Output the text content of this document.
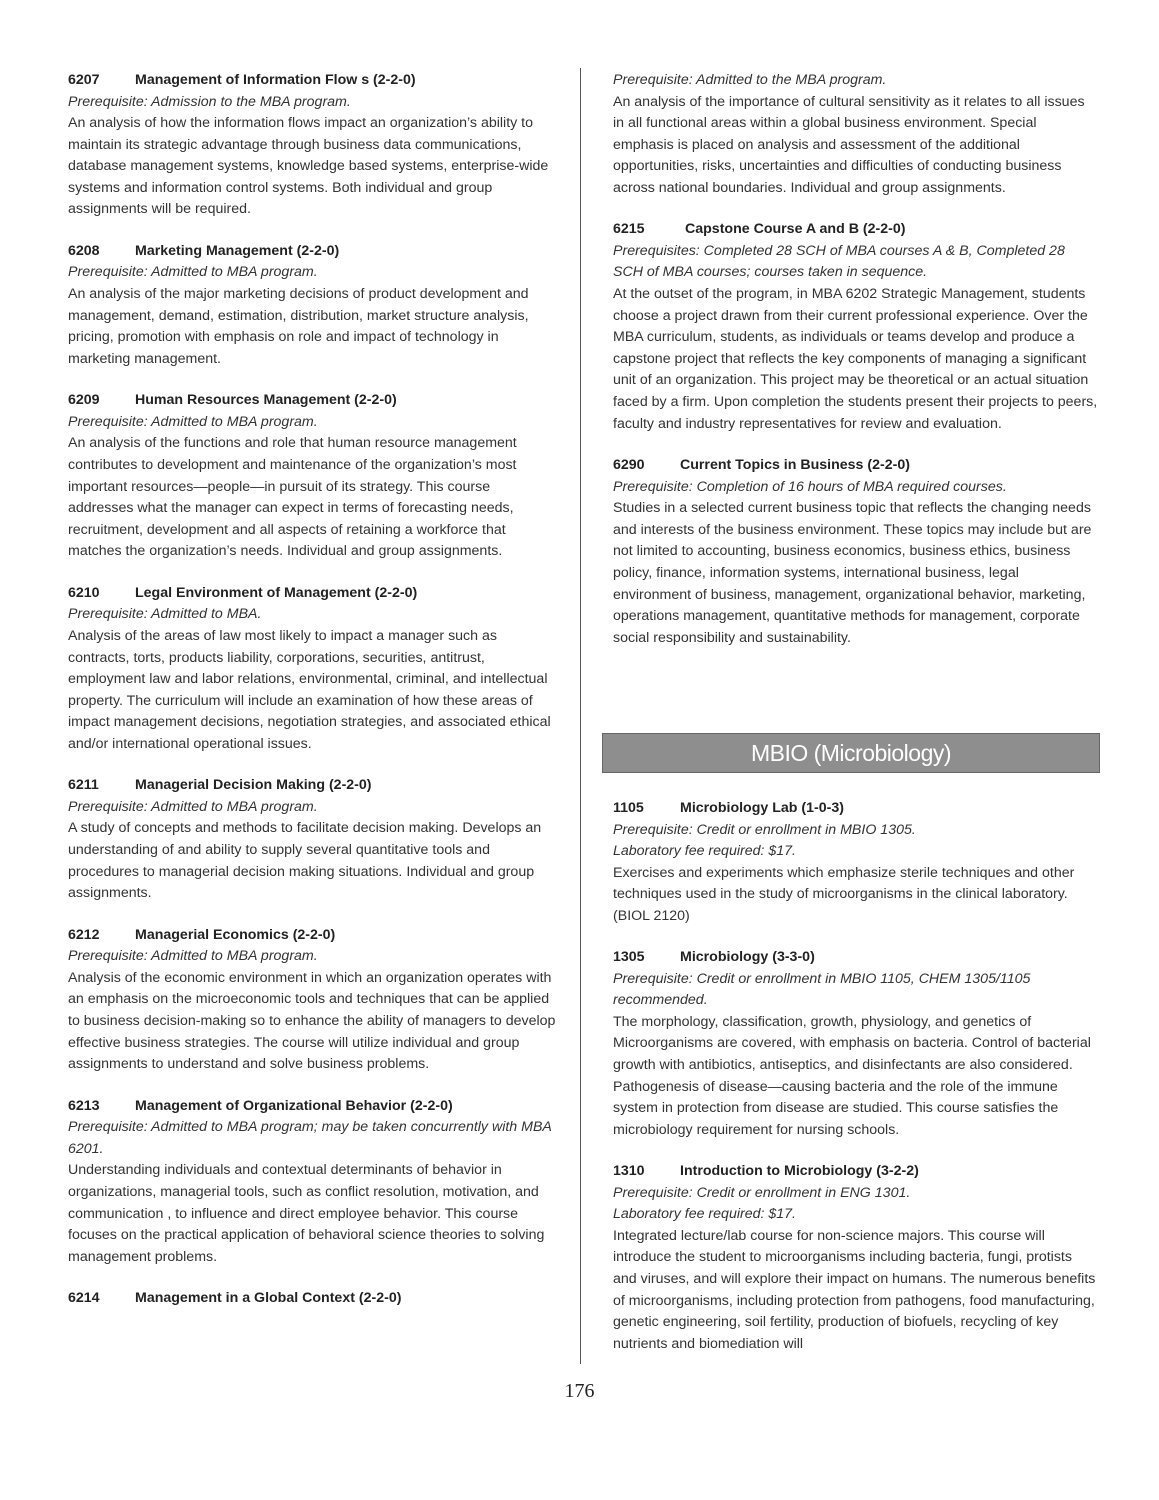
6207 Management of Information Flow s (2-2-0)
Prerequisite: Admission to the MBA program.
An analysis of how the information flows impact an organization’s ability to maintain its strategic advantage through business data communications, database management systems, knowledge based systems, enterprise-wide systems and information control systems. Both individual and group assignments will be required.
6208 Marketing Management (2-2-0)
Prerequisite: Admitted to MBA program.
An analysis of the major marketing decisions of product development and management, demand, estimation, distribution, market structure analysis, pricing, promotion with emphasis on role and impact of technology in marketing management.
6209 Human Resources Management (2-2-0)
Prerequisite: Admitted to MBA program.
An analysis of the functions and role that human resource management contributes to development and maintenance of the organization’s most important resources—people—in pursuit of its strategy. This course addresses what the manager can expect in terms of forecasting needs, recruitment, development and all aspects of retaining a workforce that matches the organization’s needs. Individual and group assignments.
6210 Legal Environment of Management (2-2-0)
Prerequisite: Admitted to MBA.
Analysis of the areas of law most likely to impact a manager such as contracts, torts, products liability, corporations, securities, antitrust, employment law and labor relations, environmental, criminal, and intellectual property. The curriculum will include an examination of how these areas of impact management decisions, negotiation strategies, and associated ethical and/or international operational issues.
6211	Managerial Decision Making (2-2-0)
Prerequisite: Admitted to MBA program.
A study of concepts and methods to facilitate decision making. Develops an understanding of and ability to supply several quantitative tools and procedures to managerial decision making situations. Individual and group assignments.
6212 Managerial Economics (2-2-0)
Prerequisite: Admitted to MBA program.
Analysis of the economic environment in which an organization operates with an emphasis on the microeconomic tools and techniques that can be applied to business decision-making so to enhance the ability of managers to develop effective business strategies. The course will utilize individual and group assignments to understand and solve business problems.
6213 Management of Organizational Behavior (2-2-0)
Prerequisite: Admitted to MBA program; may be taken concurrently with MBA 6201.
Understanding individuals and contextual determinants of behavior in organizations, managerial tools, such as conflict resolution, motivation, and communication , to influence and direct employee behavior. This course focuses on the practical application of behavioral science theories to solving management problems.
6214 Management in a Global Context (2-2-0)
Prerequisite: Admitted to the MBA program.
An analysis of the importance of cultural sensitivity as it relates to all issues in all functional areas within a global business environment. Special emphasis is placed on analysis and assessment of the additional opportunities, risks, uncertainties and difficulties of conducting business across national boundaries. Individual and group assignments.
6215	Capstone Course A and B (2-2-0)
Prerequisites: Completed 28 SCH of MBA courses A & B, Completed 28 SCH of MBA courses; courses taken in sequence.
At the outset of the program, in MBA 6202 Strategic Management, students choose a project drawn from their current professional experience. Over the MBA curriculum, students, as individuals or teams develop and produce a capstone project that reflects the key components of managing a significant unit of an organization. This project may be theoretical or an actual situation faced by a firm. Upon completion the students present their projects to peers, faculty and industry representatives for review and evaluation.
6290 Current Topics in Business (2-2-0)
Prerequisite: Completion of 16 hours of MBA required courses.
Studies in a selected current business topic that reflects the changing needs and interests of the business environment. These topics may include but are not limited to accounting, business economics, business ethics, business policy, finance, information systems, international business, legal environment of business, management, organizational behavior, marketing, operations management, quantitative methods for management, corporate social responsibility and sustainability.
MBIO (Microbiology)
1105	Microbiology Lab (1-0-3)
Prerequisite: Credit or enrollment in MBIO 1305.
Laboratory fee required: $17.
Exercises and experiments which emphasize sterile techniques and other techniques used in the study of microorganisms in the clinical laboratory. (BIOL 2120)
1305 Microbiology (3-3-0)
Prerequisite: Credit or enrollment in MBIO 1105, CHEM 1305/1105 recommended.
The morphology, classification, growth, physiology, and genetics of Microorganisms are covered, with emphasis on bacteria. Control of bacterial growth with antibiotics, antiseptics, and disinfectants are also considered. Pathogenesis of disease—causing bacteria and the role of the immune system in protection from disease are studied. This course satisfies the microbiology requirement for nursing schools.
1310 Introduction to Microbiology (3-2-2)
Prerequisite: Credit or enrollment in ENG 1301.
Laboratory fee required: $17.
Integrated lecture/lab course for non-science majors. This course will introduce the student to microorganisms including bacteria, fungi, protists and viruses, and will explore their impact on humans. The numerous benefits of microorganisms, including protection from pathogens, food manufacturing, genetic engineering, soil fertility, production of biofuels, recycling of key nutrients and biomediation will
176
